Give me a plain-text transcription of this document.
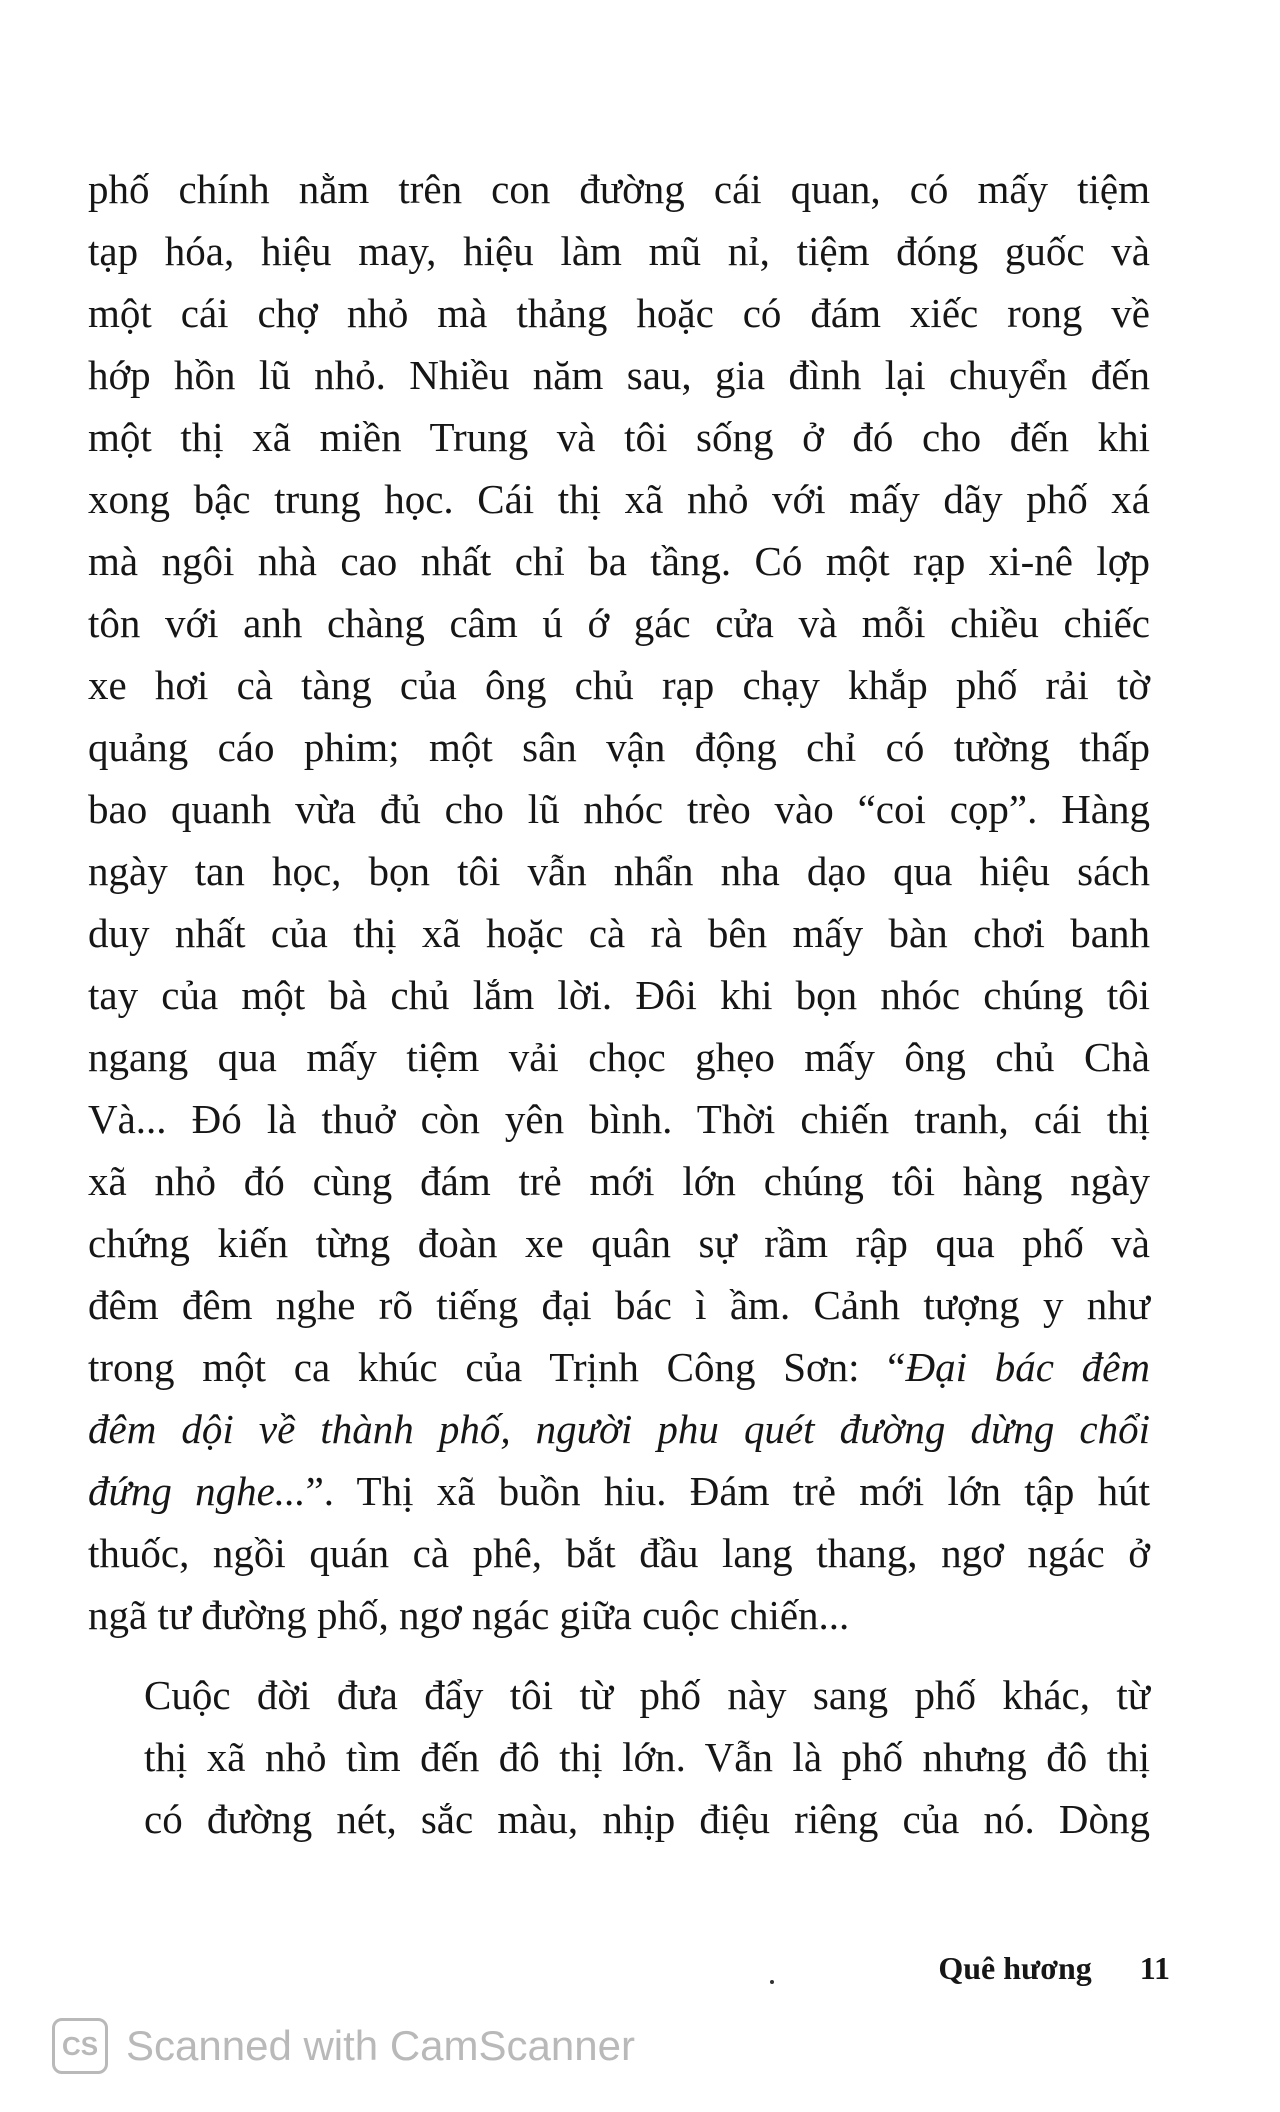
phố chính nằm trên con đường cái quan, có mấy tiệm
tạp hóa, hiệu may, hiệu làm mũ nỉ, tiệm đóng guốc và
một cái chợ nhỏ mà thảng hoặc có đám xiếc rong về
hớp hồn lũ nhỏ. Nhiều năm sau, gia đình lại chuyển đến
một thị xã miền Trung và tôi sống ở đó cho đến khi
xong bậc trung học. Cái thị xã nhỏ với mấy dãy phố xá
mà ngôi nhà cao nhất chỉ ba tầng. Có một rạp xi-nê lợp
tôn với anh chàng câm ú ớ gác cửa và mỗi chiều chiếc
xe hơi cà tàng của ông chủ rạp chạy khắp phố rải tờ
quảng cáo phim; một sân vận động chỉ có tường thấp
bao quanh vừa đủ cho lũ nhóc trèo vào “coi cọp”. Hàng
ngày tan học, bọn tôi vẫn nhẩn nha dạo qua hiệu sách
duy nhất của thị xã hoặc cà rà bên mấy bàn chơi banh
tay của một bà chủ lắm lời. Đôi khi bọn nhóc chúng tôi
ngang qua mấy tiệm vải chọc ghẹo mấy ông chủ Chà
Và... Đó là thuở còn yên bình. Thời chiến tranh, cái thị
xã nhỏ đó cùng đám trẻ mới lớn chúng tôi hàng ngày
chứng kiến từng đoàn xe quân sự rầm rập qua phố và
đêm đêm nghe rõ tiếng đại bác ì ầm. Cảnh tượng y như
trong một ca khúc của Trịnh Công Sơn: “Đại bác đêm
đêm dội về thành phố, người phu quét đường dừng chổi
đứng nghe...”. Thị xã buồn hiu. Đám trẻ mới lớn tập hút
thuốc, ngồi quán cà phê, bắt đầu lang thang, ngơ ngác ở
ngã tư đường phố, ngơ ngác giữa cuộc chiến...

Cuộc đời đưa đẩy tôi từ phố này sang phố khác, từ
thị xã nhỏ tìm đến đô thị lớn. Vẫn là phố nhưng đô thị
có đường nét, sắc màu, nhịp điệu riêng của nó. Dòng

Quê hương 11
CS Scanned with CamScanner
